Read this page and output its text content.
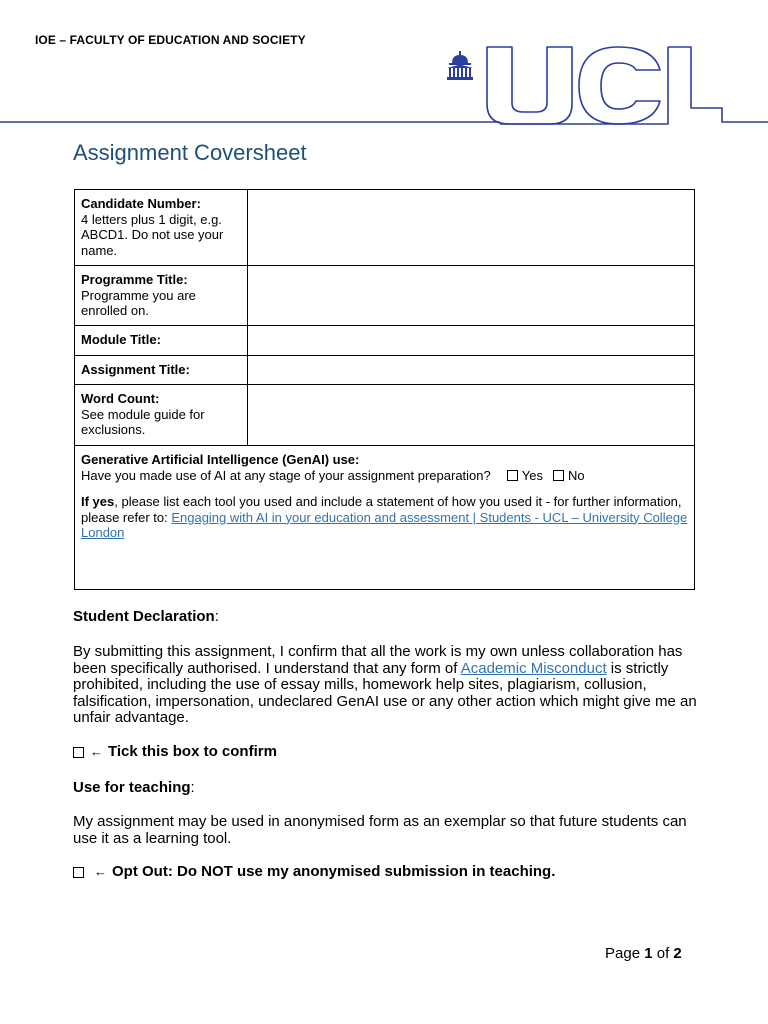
IOE – FACULTY OF EDUCATION AND SOCIETY
Assignment Coversheet
Candidate Number:
4 letters plus 1 digit, e.g. ABCD1. Do not use your name.	

Programme Title:
Programme you are enrolled on.	

Module Title:	

Assignment Title:	

Word Count:
See module guide for exclusions.	

Generative Artificial Intelligence (GenAI) use:
Have you made use of AI at any stage of your assignment preparation? Yes No
If yes, please list each tool you used and include a statement of how you used it - for further information, please refer to: Engaging with AI in your education and assessment | Students - UCL – University College London	
Student Declaration:
By submitting this assignment, I confirm that all the work is my own unless collaboration has been specifically authorised. I understand that any form of Academic Misconduct is strictly prohibited, including the use of essay mills, homework help sites, plagiarism, collusion, falsification, impersonation, undeclared GenAI use or any other action which might give me an unfair advantage.
← Tick this box to confirm
Use for teaching:
My assignment may be used in anonymised form as an exemplar so that future students can use it as a learning tool.
← Opt Out: Do NOT use my anonymised submission in teaching.
Page 1 of 2
